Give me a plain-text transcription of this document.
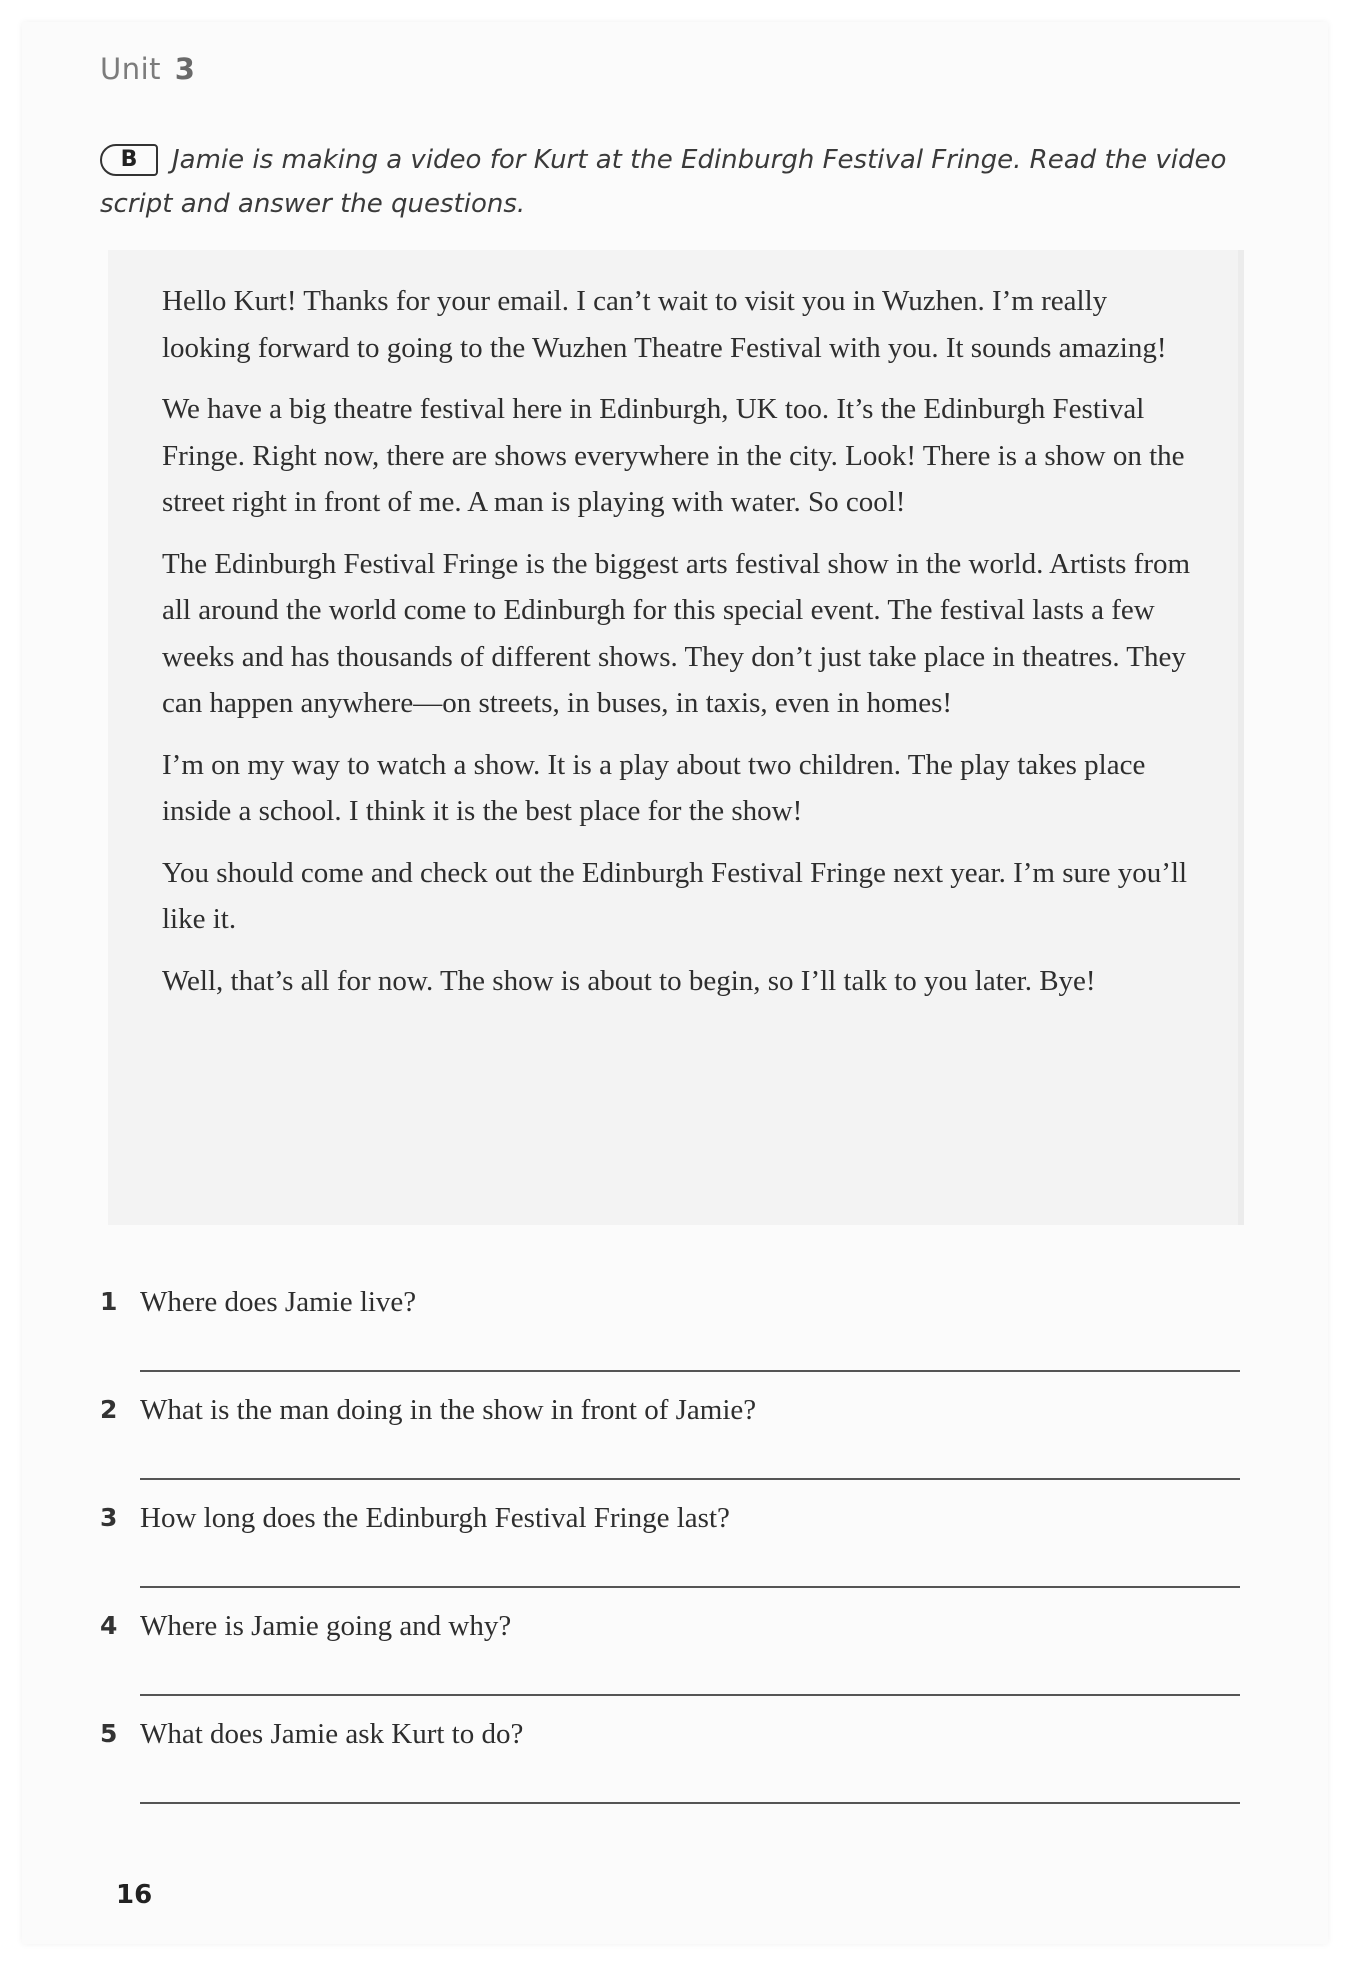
Unit 3
B Jamie is making a video for Kurt at the Edinburgh Festival Fringe. Read the video script and answer the questions.

Hello Kurt! Thanks for your email. I can’t wait to visit you in Wuzhen. I’m really looking forward to going to the Wuzhen Theatre Festival with you. It sounds amazing!

We have a big theatre festival here in Edinburgh, UK too. It’s the Edinburgh Festival Fringe. Right now, there are shows everywhere in the city. Look! There is a show on the street right in front of me. A man is playing with water. So cool!

The Edinburgh Festival Fringe is the biggest arts festival show in the world. Artists from all around the world come to Edinburgh for this special event. The festival lasts a few weeks and has thousands of different shows. They don’t just take place in theatres. They can happen anywhere—on streets, in buses, in taxis, even in homes!

I’m on my way to watch a show. It is a play about two children. The play takes place inside a school. I think it is the best place for the show!

You should come and check out the Edinburgh Festival Fringe next year. I’m sure you’ll like it.

Well, that’s all for now. The show is about to begin, so I’ll talk to you later. Bye!

1 Where does Jamie live?
2 What is the man doing in the show in front of Jamie?
3 How long does the Edinburgh Festival Fringe last?
4 Where is Jamie going and why?
5 What does Jamie ask Kurt to do?
16
